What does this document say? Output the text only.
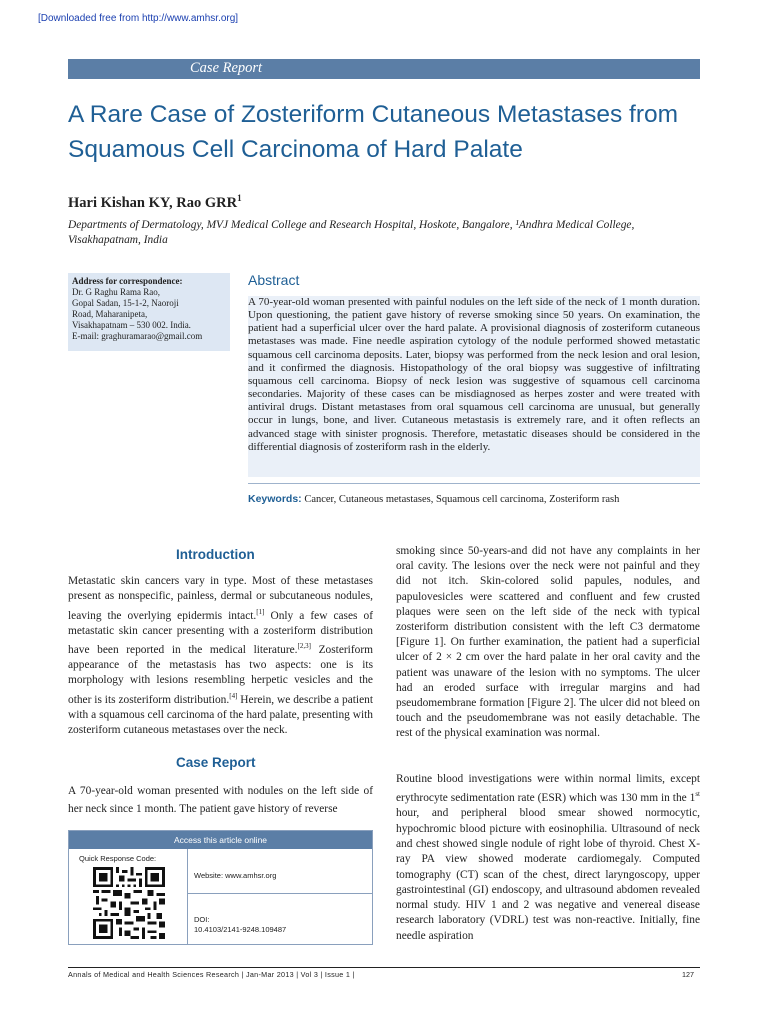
[Downloaded free from http://www.amhsr.org]
Case Report
A Rare Case of Zosteriform Cutaneous Metastases from Squamous Cell Carcinoma of Hard Palate
Hari Kishan KY, Rao GRR$^1$
Departments of Dermatology, MVJ Medical College and Research Hospital, Hoskote, Bangalore, ¹Andhra Medical College, Visakhapatnam, India
Address for correspondence:
Dr. G Raghu Rama Rao,
Gopal Sadan, 15-1-2, Naoroji
Road, Maharanipeta,
Visakhapatnam – 530 002. India.
E-mail: graghuramarao@gmail.com
Abstract

A 70-year-old woman presented with painful nodules on the left side of the neck of 1 month duration. Upon questioning, the patient gave history of reverse smoking since 50 years. On examination, the patient had a superficial ulcer over the hard palate. A provisional diagnosis of zosteriform cutaneous metastases was made. Fine needle aspiration cytology of the nodule performed showed metastatic squamous cell carcinoma deposits. Later, biopsy was performed from the neck lesion and oral lesion, and it confirmed the diagnosis. Histopathology of the oral biopsy was suggestive of infiltrating squamous cell carcinoma. Biopsy of neck lesion was suggestive of squamous cell carcinoma secondaries. Majority of these cases can be misdiagnosed as herpes zoster and were treated with antiviral drugs. Distant metastases from oral squamous cell carcinoma are unusual, but generally occur in lungs, bone, and liver. Cutaneous metastasis is extremely rare, and it often reflects an advanced stage with sinister prognosis. Therefore, metastatic diseases should be considered in the differential diagnosis of zosteriform rash in the elderly.

Keywords: Cancer, Cutaneous metastases, Squamous cell carcinoma, Zosteriform rash
Introduction
Metastatic skin cancers vary in type. Most of these metastases present as nonspecific, painless, dermal or subcutaneous nodules, leaving the overlying epidermis intact.[1] Only a few cases of metastatic skin cancer presenting with a zosteriform distribution have been reported in the medical literature.[2,3] Zosteriform appearance of the metastasis has two aspects: one is its morphology with lesions resembling herpetic vesicles and the other is its zosteriform distribution.[4] Herein, we describe a patient with a squamous cell carcinoma of the hard palate, presenting with zosteriform cutaneous metastases over the neck.
Case Report
A 70-year-old woman presented with nodules on the left side of her neck since 1 month. The patient gave history of reverse
Access this article online
Quick Response Code:
Website: www.amhsr.org
DOI:
10.4103/2141-9248.109487
smoking since 50-years-and did not have any complaints in her oral cavity. The lesions over the neck were not painful and they did not itch. Skin-colored solid papules, nodules, and papulovesicles were scattered and confluent and few crusted plaques were seen on the left side of the neck with typical zosteriform distribution consistent with the left C3 dermatome [Figure 1]. On further examination, the patient had a superficial ulcer of 2 × 2 cm over the hard palate in her oral cavity and the patient was unaware of the lesion with no symptoms. The ulcer had an eroded surface with irregular margins and had pseudomembrane formation [Figure 2]. The ulcer did not bleed on touch and the pseudomembrane was not easily detachable. The rest of the physical examination was normal.
Routine blood investigations were within normal limits, except erythrocyte sedimentation rate (ESR) which was 130 mm in the 1st hour, and peripheral blood smear showed normocytic, hypochromic blood picture with eosinophilia. Ultrasound of neck and chest showed single nodule of right lobe of thyroid. Chest X-ray PA view showed moderate cardiomegaly. Computed tomography (CT) scan of the chest, direct laryngoscopy, upper gastrointestinal (GI) endoscopy, and ultrasound abdomen revealed normal study. HIV 1 and 2 was negative and venereal disease research laboratory (VDRL) test was non-reactive. Initially, fine needle aspiration
Annals of Medical and Health Sciences Research | Jan-Mar 2013 | Vol 3 | Issue 1 |	127
